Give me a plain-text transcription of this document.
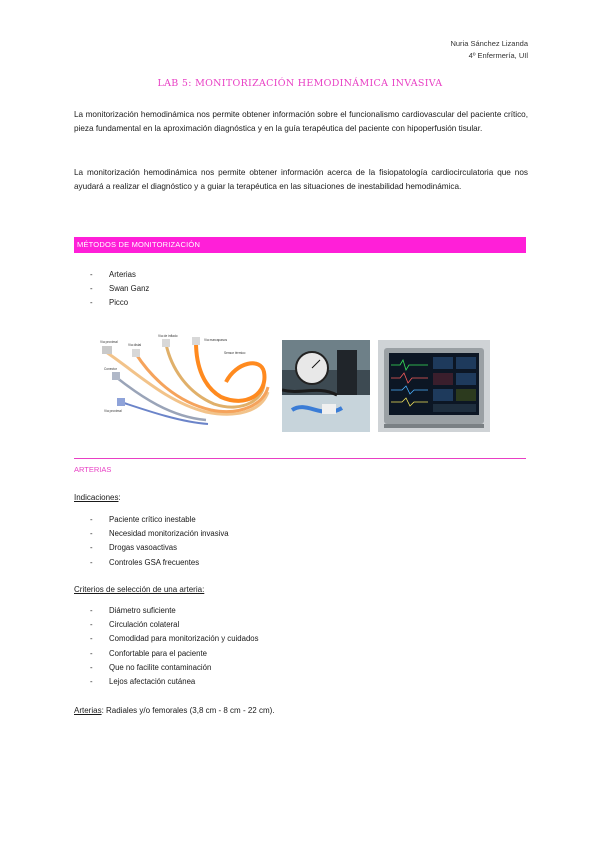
Nuria Sánchez Lizanda
4º Enfermería, UIl
LAB 5: MONITORIZACIÓN HEMODINÁMICA INVASIVA
La monitorización hemodinámica nos permite obtener información sobre el funcionalismo cardiovascular del paciente crítico, pieza fundamental en la aproximación diagnóstica y en la guía terapéutica del paciente con hipoperfusión tisular.
La monitorización hemodinámica nos permite obtener información acerca de la fisiopatología cardiocirculatoria que nos ayudará a realizar el diagnóstico y a guiar la terapéutica en las situaciones de inestabilidad hemodinámica.
MÉTODOS DE MONITORIZACIÓN
- Arterias
- Swan Ganz
- Picco
Vía proximal
Vía distal
Vía de inflado
Vía marcapasos
Conector
Vía proximal
Sensor térmico
ARTERIAS
Indicaciones:
- Paciente crítico inestable
- Necesidad monitorización invasiva
- Drogas vasoactivas
- Controles GSA frecuentes
Criterios de selección de una arteria:
- Diámetro suficiente
- Circulación colateral
- Comodidad para monitorización y cuidados
- Confortable para el paciente
- Que no facilite contaminación
- Lejos afectación cutánea
Arterias: Radiales y/o femorales (3,8 cm - 8 cm - 22 cm).
